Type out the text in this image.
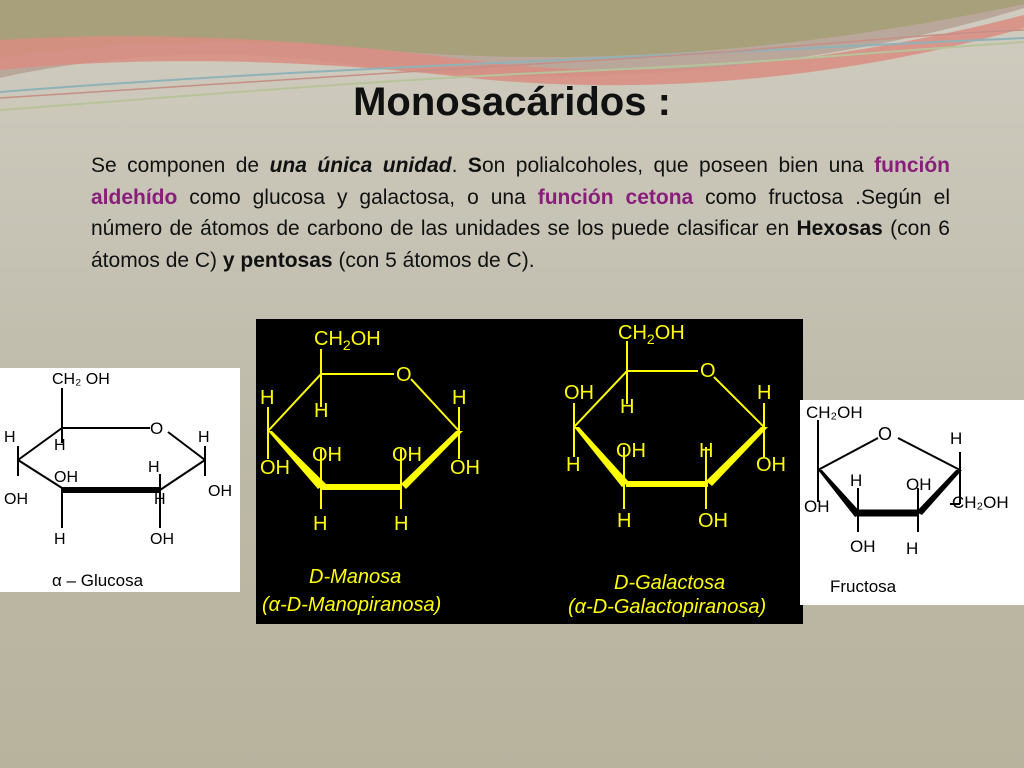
Monosacáridos :
Se componen de una única unidad. Son polialcoholes, que poseen bien una función aldehído como glucosa y galactosa, o una función cetona como fructosa .Según el número de átomos de carbono de las unidades se los puede clasificar en Hexosas (con 6 átomos de C) y pentosas (con 5 átomos de C).
CH₂ OH
O
H H	H
OH
H
OH	OH
H	OH
H
α – Glucosa
$CH_2OH$
O
H
H
H
OH	OH
OH	OH
H	H
D-Manosa
(α-D-Manopiranosa)
$CH_2OH$
O
OH
H
H
OH	H
H	OH
H	OH
D-Galactosa
(α-D-Galactopiranosa)
CH₂OH
O	H
H	OH
OH	CH₂OH
OH H
Fructosa
